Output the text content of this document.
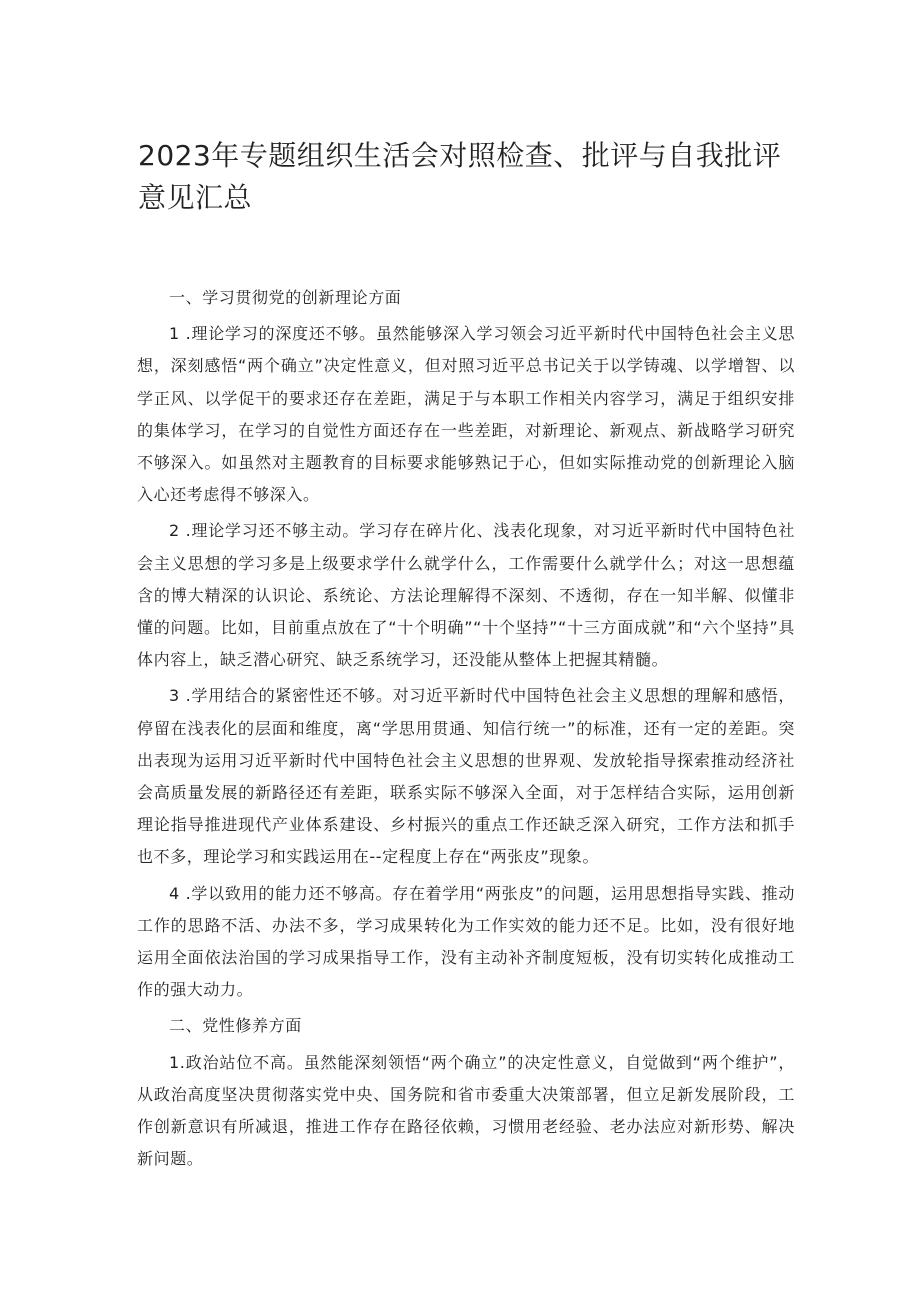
2023年专题组织生活会对照检查、批评与自我批评意见汇总

一、学习贯彻党的创新理论方面

1 .理论学习的深度还不够。虽然能够深入学习领会习近平新时代中国特色社会主义思想，深刻感悟“两个确立”决定性意义，但对照习近平总书记关于以学铸魂、以学增智、以学正风、以学促干的要求还存在差距，满足于与本职工作相关内容学习，满足于组织安排的集体学习，在学习的自觉性方面还存在一些差距，对新理论、新观点、新战略学习研究不够深入。如虽然对主题教育的目标要求能够熟记于心，但如实际推动党的创新理论入脑入心还考虑得不够深入。

2 .理论学习还不够主动。学习存在碎片化、浅表化现象，对习近平新时代中国特色社会主义思想的学习多是上级要求学什么就学什么，工作需要什么就学什么；对这一思想蕴含的博大精深的认识论、系统论、方法论理解得不深刻、不透彻，存在一知半解、似懂非懂的问题。比如，目前重点放在了“十个明确”“十个坚持”“十三方面成就”和“六个坚持”具体内容上，缺乏潜心研究、缺乏系统学习，还没能从整体上把握其精髓。

3 .学用结合的紧密性还不够。对习近平新时代中国特色社会主义思想的理解和感悟，停留在浅表化的层面和维度，离“学思用贯通、知信行统一”的标准，还有一定的差距。突出表现为运用习近平新时代中国特色社会主义思想的世界观、发放轮指导探索推动经济社会高质量发展的新路径还有差距，联系实际不够深入全面，对于怎样结合实际，运用创新理论指导推进现代产业体系建设、乡村振兴的重点工作还缺乏深入研究，工作方法和抓手也不多，理论学习和实践运用在--定程度上存在“两张皮”现象。

4 .学以致用的能力还不够高。存在着学用“两张皮”的问题，运用思想指导实践、推动工作的思路不活、办法不多，学习成果转化为工作实效的能力还不足。比如，没有很好地运用全面依法治国的学习成果指导工作，没有主动补齐制度短板，没有切实转化成推动工作的强大动力。

二、党性修养方面

1.政治站位不高。虽然能深刻领悟“两个确立”的决定性意义，自觉做到“两个维护”，从政治高度坚决贯彻落实党中央、国务院和省市委重大决策部署，但立足新发展阶段，工作创新意识有所减退，推进工作存在路径依赖，习惯用老经验、老办法应对新形势、解决新问题。
